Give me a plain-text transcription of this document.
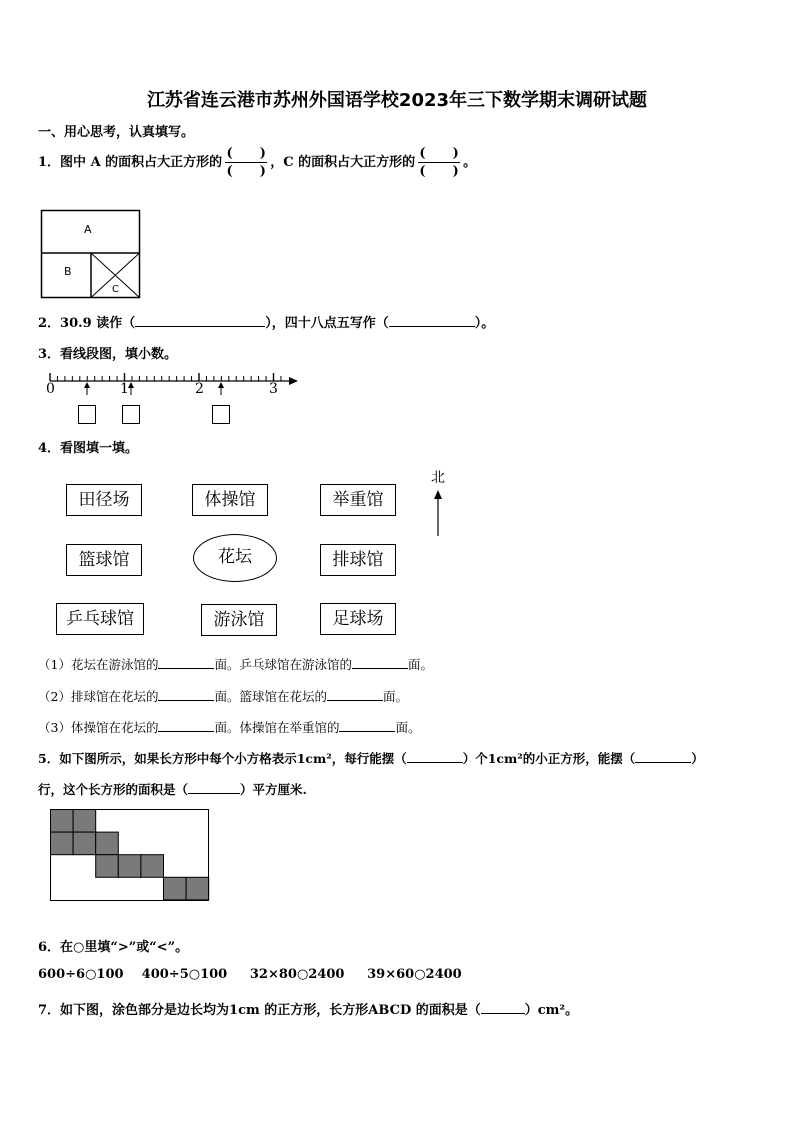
江苏省连云港市苏州外国语学校2023年三下数学期末调研试题
一、用心思考，认真填写。
1．图中 A 的面积占大正方形的 $\frac{( )}{( )}$ ，C 的面积占大正方形的 $\frac{( )}{( )}$ 。
A
B
C
2．30.9 读作（	），四十八点五写作（	）。
3．看线段图，填小数。
0	1	2	3
4．看图填一填。
北
田径场	体操馆	举重馆
篮球馆	花坛	排球馆
乒乓球馆	游泳馆	足球场
（1）花坛在游泳馆的	面。乒乓球馆在游泳馆的	面。
（2）排球馆在花坛的	面。篮球馆在花坛的	面。
（3）体操馆在花坛的	面。体操馆在举重馆的	面。
5．如下图所示，如果长方形中每个小方格表示1cm²，每行能摆（	）个1cm²的小正方形，能摆（	）
行，这个长方形的面积是（	）平方厘米.
6．在○里填“>”或“<”。
600÷6○100 400÷5○100 32×80○2400 39×60○2400
7．如下图，涂色部分是边长均为1cm 的正方形，长方形ABCD 的面积是（	）cm²。
